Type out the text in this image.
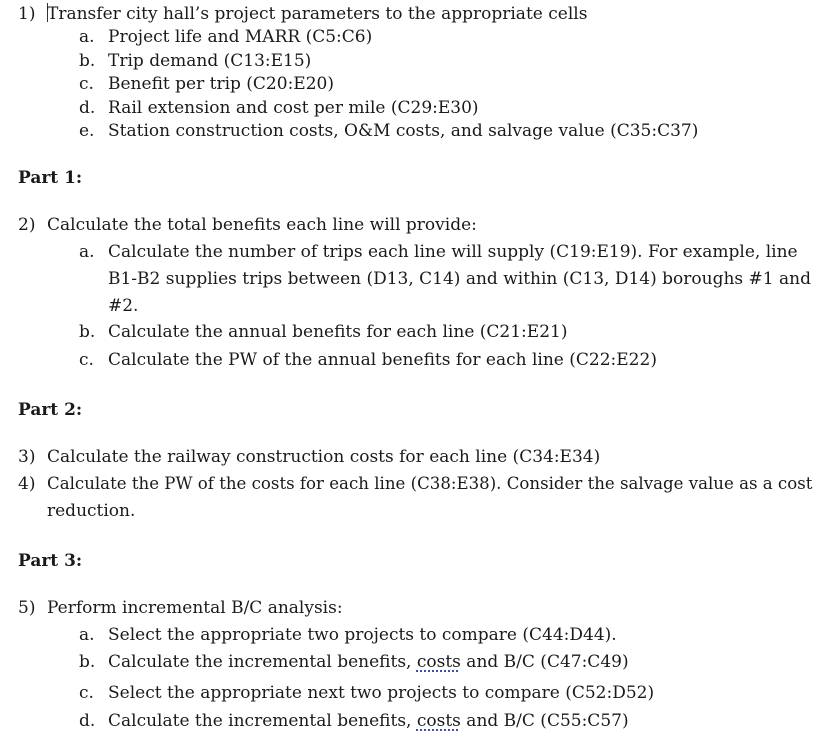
1) Transfer city hall’s project parameters to the appropriate cells
a. Project life and MARR (C5:C6)
b. Trip demand (C13:E15)
c. Benefit per trip (C20:E20)
d. Rail extension and cost per mile (C29:E30)
e. Station construction costs, O&M costs, and salvage value (C35:C37)
Part 1:
2) Calculate the total benefits each line will provide:
a. Calculate the number of trips each line will supply (C19:E19). For example, line
B1-B2 supplies trips between (D13, C14) and within (C13, D14) boroughs #1 and
#2.
b. Calculate the annual benefits for each line (C21:E21)
c. Calculate the PW of the annual benefits for each line (C22:E22)
Part 2:
3) Calculate the railway construction costs for each line (C34:E34)
4) Calculate the PW of the costs for each line (C38:E38). Consider the salvage value as a cost
reduction.
Part 3:
5) Perform incremental B/C analysis:
a. Select the appropriate two projects to compare (C44:D44).
b. Calculate the incremental benefits, costs and B/C (C47:C49)
c. Select the appropriate next two projects to compare (C52:D52)
d. Calculate the incremental benefits, costs and B/C (C55:C57)
